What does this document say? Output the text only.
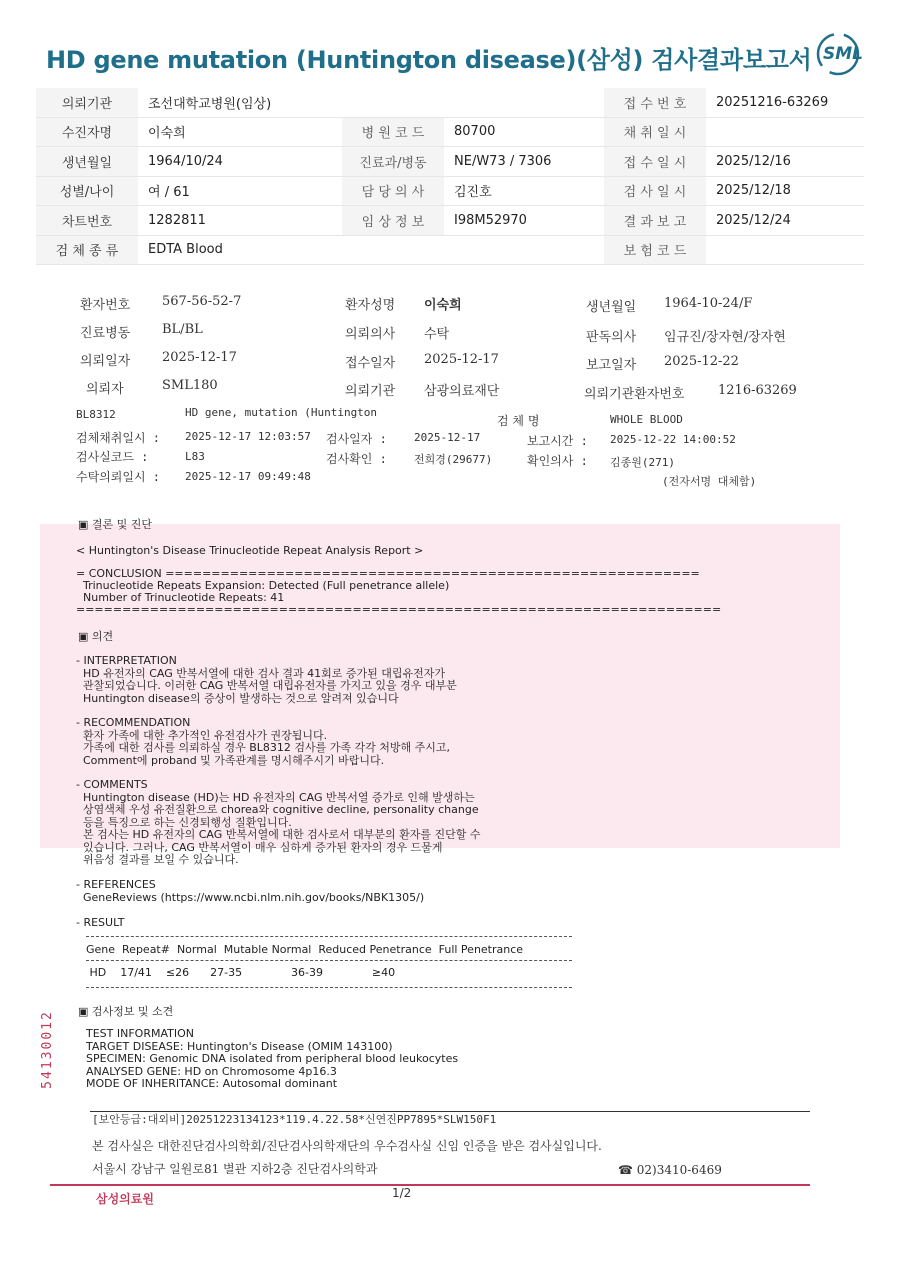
HD gene mutation (Huntington disease)(삼성) 검사결과보고서 SML
의뢰기관	조선대학교병원(임상)			접 수 번 호	20251216-63269
수진자명	이숙희	병 원 코 드	80700	채 취 일 시	
생년월일	1964/10/24	진료과/병동	NE/W73 / 7306	접 수 일 시	2025/12/16
성별/나이	여 / 61	담 당 의 사	김진호	검 사 일 시	2025/12/18
차트번호	1282811	임 상 정 보	I98M52970	결 과 보 고	2025/12/24
검 체 종 류	EDTA Blood			보 험 코 드	
환자번호 567-56-52-7	환자성명 이숙희	생년월일 1964-10-24/F
진료병동 BL/BL	의뢰의사 수탁	판독의사 임규진/장자현/장자현
의뢰일자 2025-12-17	접수일자 2025-12-17	보고일자 2025-12-22
의뢰자	SML180	의뢰기관 삼광의료재단	의뢰기관환자번호	1216-63269
BL8312	HD gene, mutation (Huntington
검 체 명	WHOLE BLOOD
검체채취일시 : 2025-12-17 12:03:57 검사일자 : 2025-12-17	보고시간 : 2025-12-22 14:00:52
검사실코드 :	L83	검사확인 : 전희경(29677)	확인의사 : 김종원(271)
수탁의뢰일시 : 2025-12-17 09:49:48	(전자서명 대체함)
▣ 결론 및 진단
< Huntington's Disease Trinucleotide Repeat Analysis Report >
= CONCLUSION ==========================================================
Trinucleotide Repeats Expansion: Detected (Full penetrance allele)
Number of Trinucleotide Repeats: 41
======================================================================
▣ 의견
- INTERPRETATION
HD 유전자의 CAG 반복서열에 대한 검사 결과 41회로 증가된 대립유전자가
관찰되었습니다. 이러한 CAG 반복서열 대립유전자를 가지고 있을 경우 대부분
Huntington disease의 증상이 발생하는 것으로 알려져 있습니다
- RECOMMENDATION
환자 가족에 대한 추가적인 유전검사가 권장됩니다.
가족에 대한 검사를 의뢰하실 경우 BL8312 검사를 가족 각각 처방해 주시고,
Comment에 proband 및 가족관계를 명시해주시기 바랍니다.
- COMMENTS
Huntington disease (HD)는 HD 유전자의 CAG 반복서열 증가로 인해 발생하는
상염색체 우성 유전질환으로 chorea와 cognitive decline, personality change
등을 특징으로 하는 신경퇴행성 질환입니다.
본 검사는 HD 유전자의 CAG 반복서열에 대한 검사로서 대부분의 환자를 진단할 수
있습니다. 그러나, CAG 반복서열이 매우 심하게 증가된 환자의 경우 드물게
위음성 결과를 보일 수 있습니다.
- REFERENCES
GeneReviews (https://www.ncbi.nlm.nih.gov/books/NBK1305/)
- RESULT
Gene  Repeat#  Normal  Mutable Normal  Reduced Penetrance  Full Penetrance
HD    17/41    ≤26      27-35              36-39              ≥40
▣ 검사정보 및 소견
TEST INFORMATION
TARGET DISEASE: Huntington's Disease (OMIM 143100)
SPECIMEN: Genomic DNA isolated from peripheral blood leukocytes
ANALYSED GENE: HD on Chromosome 4p16.3
MODE OF INHERITANCE: Autosomal dominant
54130012
[보안등급:대외비]20251223134123*119.4.22.58*신연진PP7895*SLW150F1
본 검사실은 대한진단검사의학회/진단검사의학재단의 우수검사실 신임 인증을 받은 검사실입니다.
서울시 강남구 일원로81 별관 지하2층 진단검사의학과	☎ 02)3410-6469
삼성의료원	1/2
